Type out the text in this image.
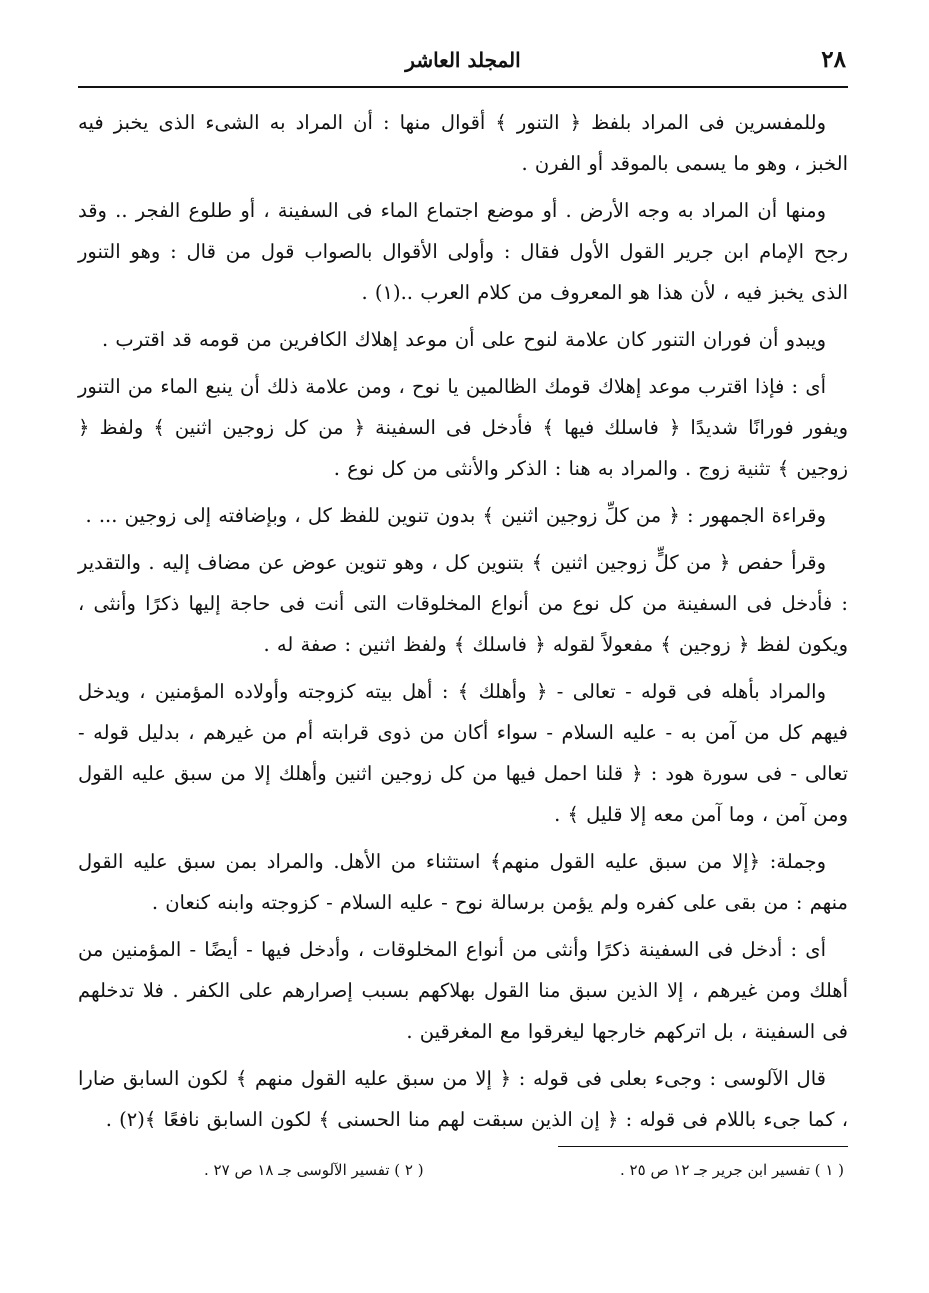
٢٨
المجلد العاشر

وللمفسرين فى المراد بلفظ ﴿ التنور ﴾ أقوال منها : أن المراد به الشىء الذى يخبز فيه الخبز ، وهو ما يسمى بالموقد أو الفرن .

ومنها أن المراد به وجه الأرض . أو موضع اجتماع الماء فى السفينة ، أو طلوع الفجر .. وقد رجح الإمام ابن جرير القول الأول فقال : وأولى الأقوال بالصواب قول من قال : وهو التنور الذى يخبز فيه ، لأن هذا هو المعروف من كلام العرب ..(١) .

ويبدو أن فوران التنور كان علامة لنوح على أن موعد إهلاك الكافرين من قومه قد اقترب .

أى : فإذا اقترب موعد إهلاك قومك الظالمين يا نوح ، ومن علامة ذلك أن ينبع الماء من التنور ويفور فورانًا شديدًا ﴿ فاسلك فيها ﴾ فأدخل فى السفينة ﴿ من كل زوجين اثنين ﴾ ولفظ ﴿ زوجين ﴾ تثنية زوج . والمراد به هنا : الذكر والأنثى من كل نوع .

وقراءة الجمهور : ﴿ من كلِّ زوجين اثنين ﴾ بدون تنوين للفظ كل ، وبإضافته إلى زوجين ... .

وقرأ حفص ﴿ من كلٍّ زوجين اثنين ﴾ بتنوين كل ، وهو تنوين عوض عن مضاف إليه . والتقدير : فأدخل فى السفينة من كل نوع من أنواع المخلوقات التى أنت فى حاجة إليها ذكرًا وأنثى ، ويكون لفظ ﴿ زوجين ﴾ مفعولاً لقوله ﴿ فاسلك ﴾ ولفظ اثنين : صفة له .

والمراد بأهله فى قوله - تعالى - ﴿ وأهلك ﴾ : أهل بيته كزوجته وأولاده المؤمنين ، ويدخل فيهم كل من آمن به - عليه السلام - سواء أكان من ذوى قرابته أم من غيرهم ، بدليل قوله - تعالى - فى سورة هود : ﴿ قلنا احمل فيها من كل زوجين اثنين وأهلك إلا من سبق عليه القول ومن آمن ، وما آمن معه إلا قليل ﴾ .

وجملة: ﴿إلا من سبق عليه القول منهم﴾ استثناء من الأهل. والمراد بمن سبق عليه القول منهم : من بقى على كفره ولم يؤمن برسالة نوح - عليه السلام - كزوجته وابنه كنعان .

أى : أدخل فى السفينة ذكرًا وأنثى من أنواع المخلوقات ، وأدخل فيها - أيضًا - المؤمنين من أهلك ومن غيرهم ، إلا الذين سبق منا القول بهلاكهم بسبب إصرارهم على الكفر . فلا تدخلهم فى السفينة ، بل اتركهم خارجها ليغرقوا مع المغرقين .

قال الآلوسى : وجىء بعلى فى قوله : ﴿ إلا من سبق عليه القول منهم ﴾ لكون السابق ضارا ، كما جىء باللام فى قوله : ﴿ إن الذين سبقت لهم منا الحسنى ﴾ لكون السابق نافعًا ﴾(٢) .

( ١ ) تفسير ابن جرير جـ ١٢ ص ٢٥ .
( ٢ ) تفسير الآلوسى جـ ١٨ ص ٢٧ .
